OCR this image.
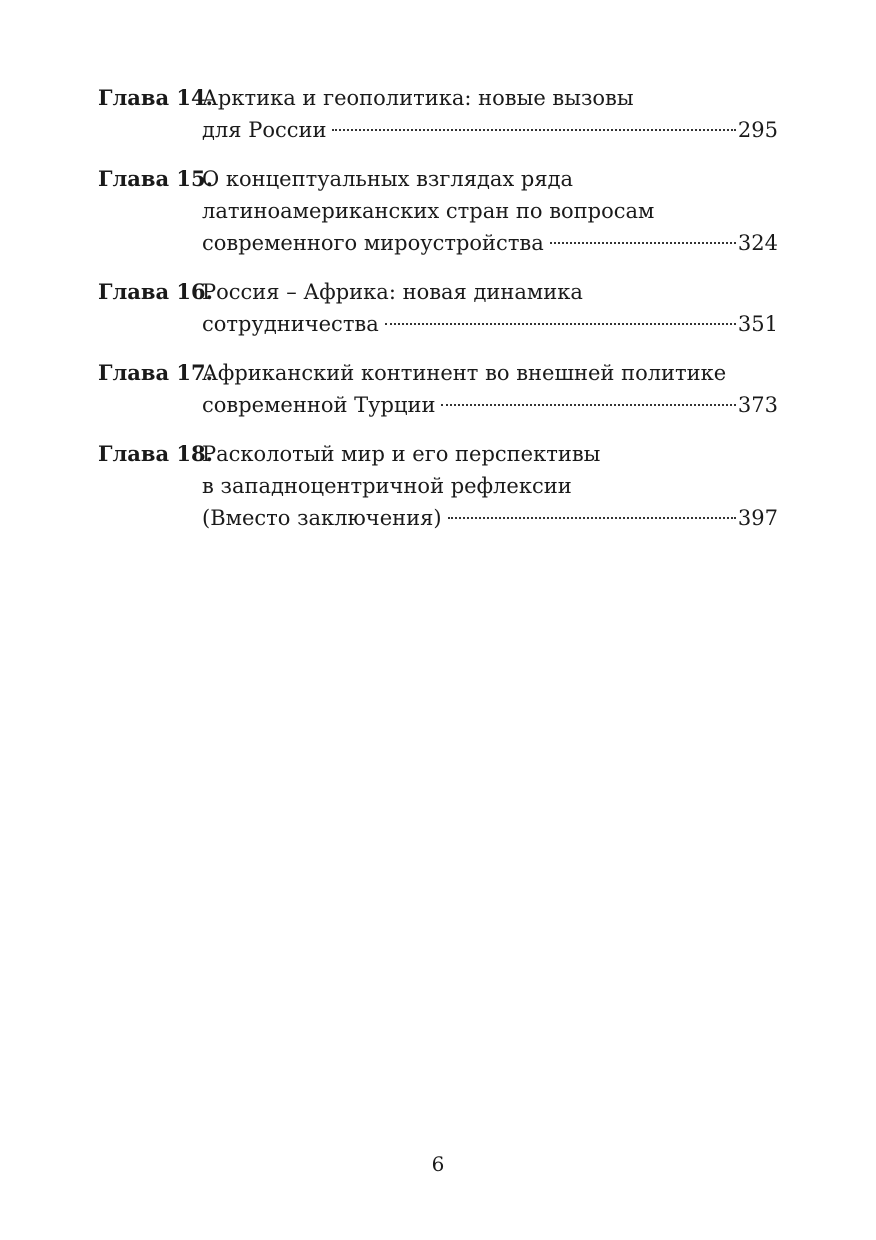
Глава 14.
Арктика и геополитика: новые вызовы
для России	295
Глава 15.
О концептуальных взглядах ряда
латиноамериканских стран по вопросам
современного мироустройства	324
Глава 16.
Россия – Африка: новая динамика
сотрудничества	351
Глава 17.
Африканский континент во внешней политике
современной Турции	373
Глава 18.
Расколотый мир и его перспективы
в западноцентричной рефлексии
(Вместо заключения)	397
6
